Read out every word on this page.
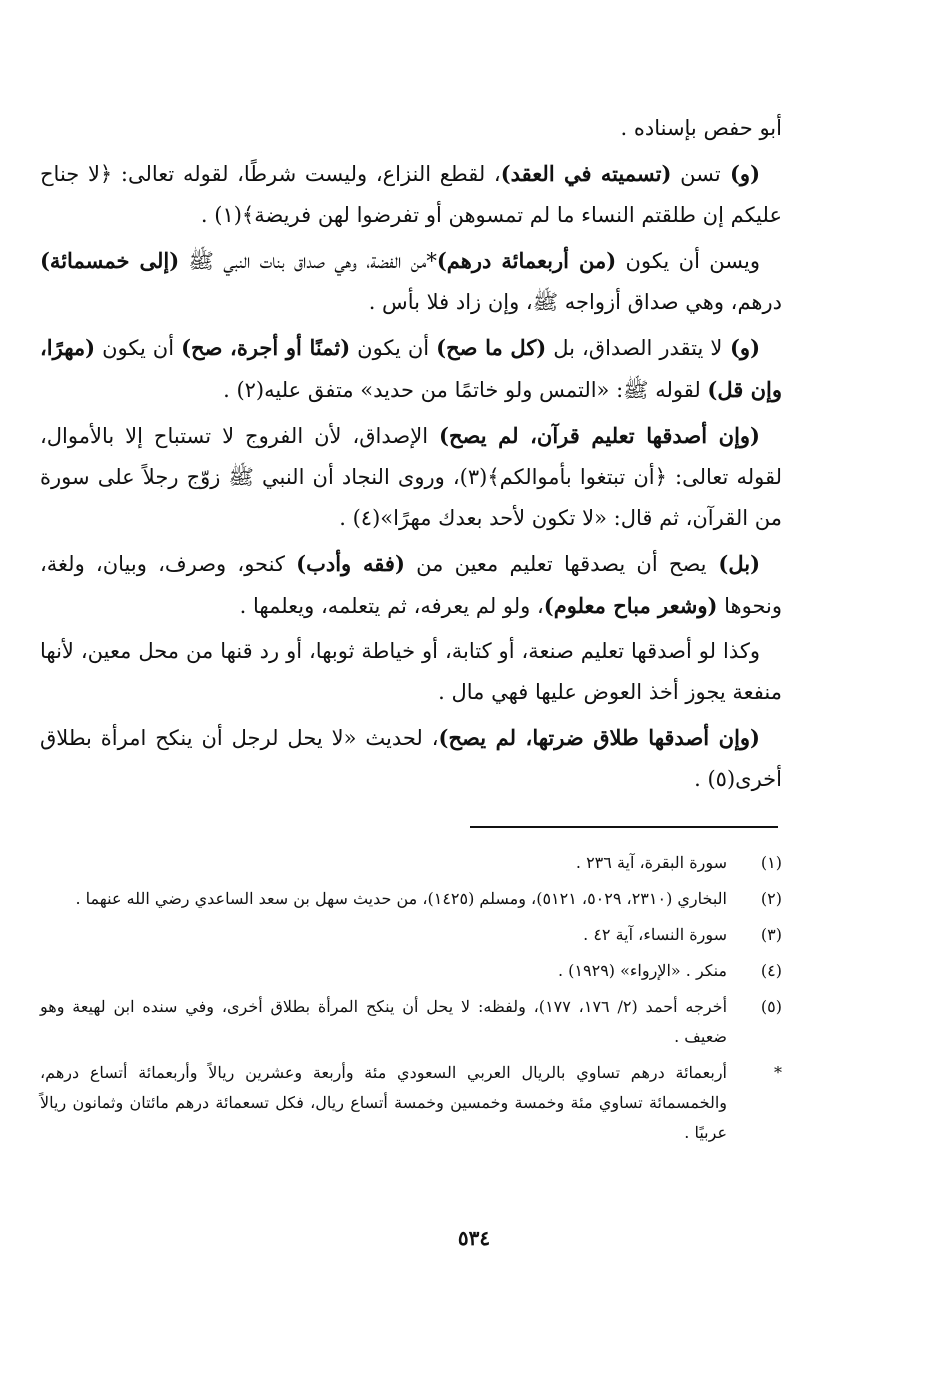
أبو حفص بإسناده .

(و) تسن (تسميته في العقد)، لقطع النزاع، وليست شرطًا، لقوله تعالى: ﴿لا جناح عليكم إن طلقتم النساء ما لم تمسوهن أو تفرضوا لهن فريضة﴾(١) .

ويسن أن يكون (من أربعمائة درهم)*من الفضة، وهي صداق بنات النبي ﷺ (إلى خمسمائة) درهم، وهي صداق أزواجه ﷺ، وإن زاد فلا بأس .

(و) لا يتقدر الصداق، بل (كل ما صح) أن يكون (ثمنًا أو أجرة، صح) أن يكون (مهرًا، وإن قل) لقوله ﷺ: «التمس ولو خاتمًا من حديد» متفق عليه(٢) .

(وإن أصدقها تعليم قرآن، لم يصح) الإصداق، لأن الفروج لا تستباح إلا بالأموال، لقوله تعالى: ﴿أن تبتغوا بأموالكم﴾(٣)، وروى النجاد أن النبي ﷺ زوّج رجلاً على سورة من القرآن، ثم قال: «لا تكون لأحد بعدك مهرًا»(٤) .

(بل) يصح أن يصدقها تعليم معين من (فقه وأدب) كنحو، وصرف، وبيان، ولغة، ونحوها (وشعر مباح معلوم)، ولو لم يعرفه، ثم يتعلمه، ويعلمها .

وكذا لو أصدقها تعليم صنعة، أو كتابة، أو خياطة ثوبها، أو رد قنها من محل معين، لأنها منفعة يجوز أخذ العوض عليها فهي مال .

(وإن أصدقها طلاق ضرتها، لم يصح)، لحديث «لا يحل لرجل أن ينكح امرأة بطلاق أخرى(٥) .

(١)
سورة البقرة، آية ٢٣٦ .
(٢)
البخاري (٢٣١٠، ٥٠٢٩، ٥١٢١)، ومسلم (١٤٢٥)، من حديث سهل بن سعد الساعدي رضي الله عنهما .
(٣)
سورة النساء، آية ٤٢ .
(٤)
منكر . «الإرواء» (١٩٢٩) .
(٥)
أخرجه أحمد (٢/ ١٧٦، ١٧٧)، ولفظه: لا يحل أن ينكح المرأة بطلاق أخرى، وفي سنده ابن لهيعة وهو ضعيف .
*
أربعمائة درهم تساوي بالريال العربي السعودي مئة وأربعة وعشرين ريالاً وأربعمائة أتساع درهم، والخمسمائة تساوي مئة وخمسة وخمسين وخمسة أتساع ريال، فكل تسعمائة درهم مائتان وثمانون ريالاً عربيًا .
٥٣٤
